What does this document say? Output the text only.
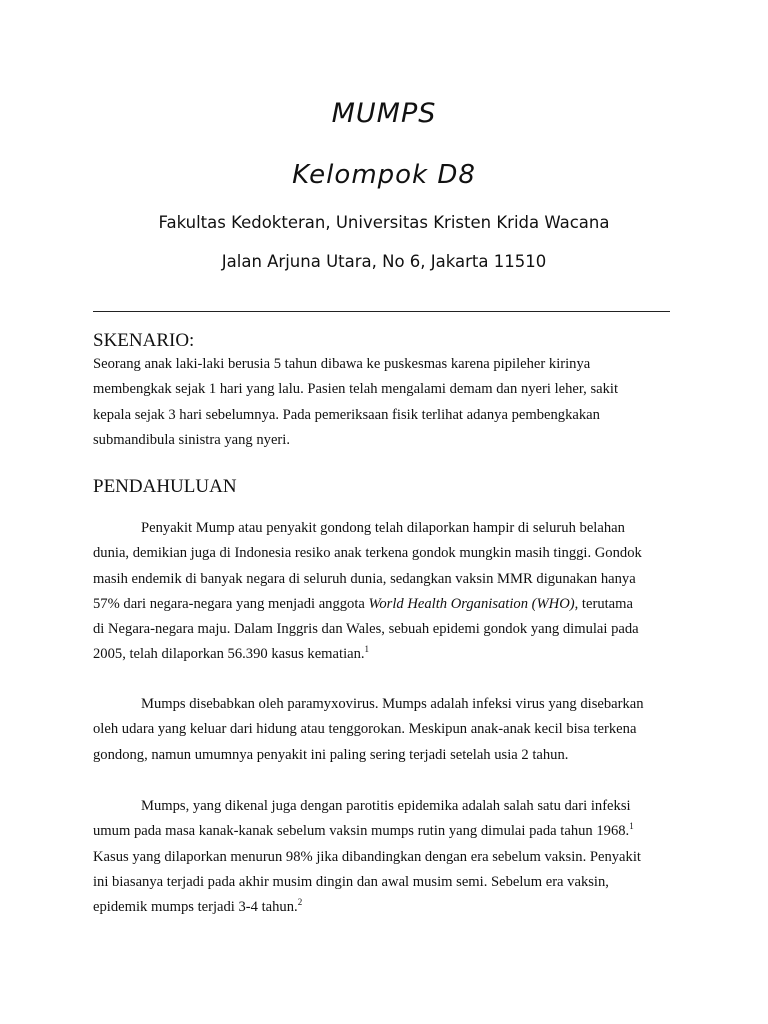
MUMPS
Kelompok D8
Fakultas Kedokteran, Universitas Kristen Krida Wacana
Jalan Arjuna Utara, No 6, Jakarta 11510
SKENARIO:
Seorang anak laki-laki berusia 5 tahun dibawa ke puskesmas karena pipileher kirinya
membengkak sejak 1 hari yang lalu. Pasien telah mengalami demam dan nyeri leher, sakit
kepala sejak 3 hari sebelumnya. Pada pemeriksaan fisik terlihat adanya pembengkakan
submandibula sinistra yang nyeri.
PENDAHULUAN
Penyakit Mump atau penyakit gondong telah dilaporkan hampir di seluruh belahan
dunia, demikian juga di Indonesia resiko anak terkena gondok mungkin masih tinggi. Gondok
masih endemik di banyak negara di seluruh dunia, sedangkan vaksin MMR digunakan hanya
57% dari negara-negara yang menjadi anggota World Health Organisation (WHO), terutama
di Negara-negara maju. Dalam Inggris dan Wales, sebuah epidemi gondok yang dimulai pada
2005, telah dilaporkan 56.390 kasus kematian.$^1$
Mumps disebabkan oleh paramyxovirus. Mumps adalah infeksi virus yang disebarkan
oleh udara yang keluar dari hidung atau tenggorokan. Meskipun anak-anak kecil bisa terkena
gondong, namun umumnya penyakit ini paling sering terjadi setelah usia 2 tahun.
Mumps, yang dikenal juga dengan parotitis epidemika adalah salah satu dari infeksi
umum pada masa kanak-kanak sebelum vaksin mumps rutin yang dimulai pada tahun 1968.$^1$
Kasus yang dilaporkan menurun 98% jika dibandingkan dengan era sebelum vaksin. Penyakit
ini biasanya terjadi pada akhir musim dingin dan awal musim semi. Sebelum era vaksin,
epidemik mumps terjadi 3-4 tahun.$^2$
